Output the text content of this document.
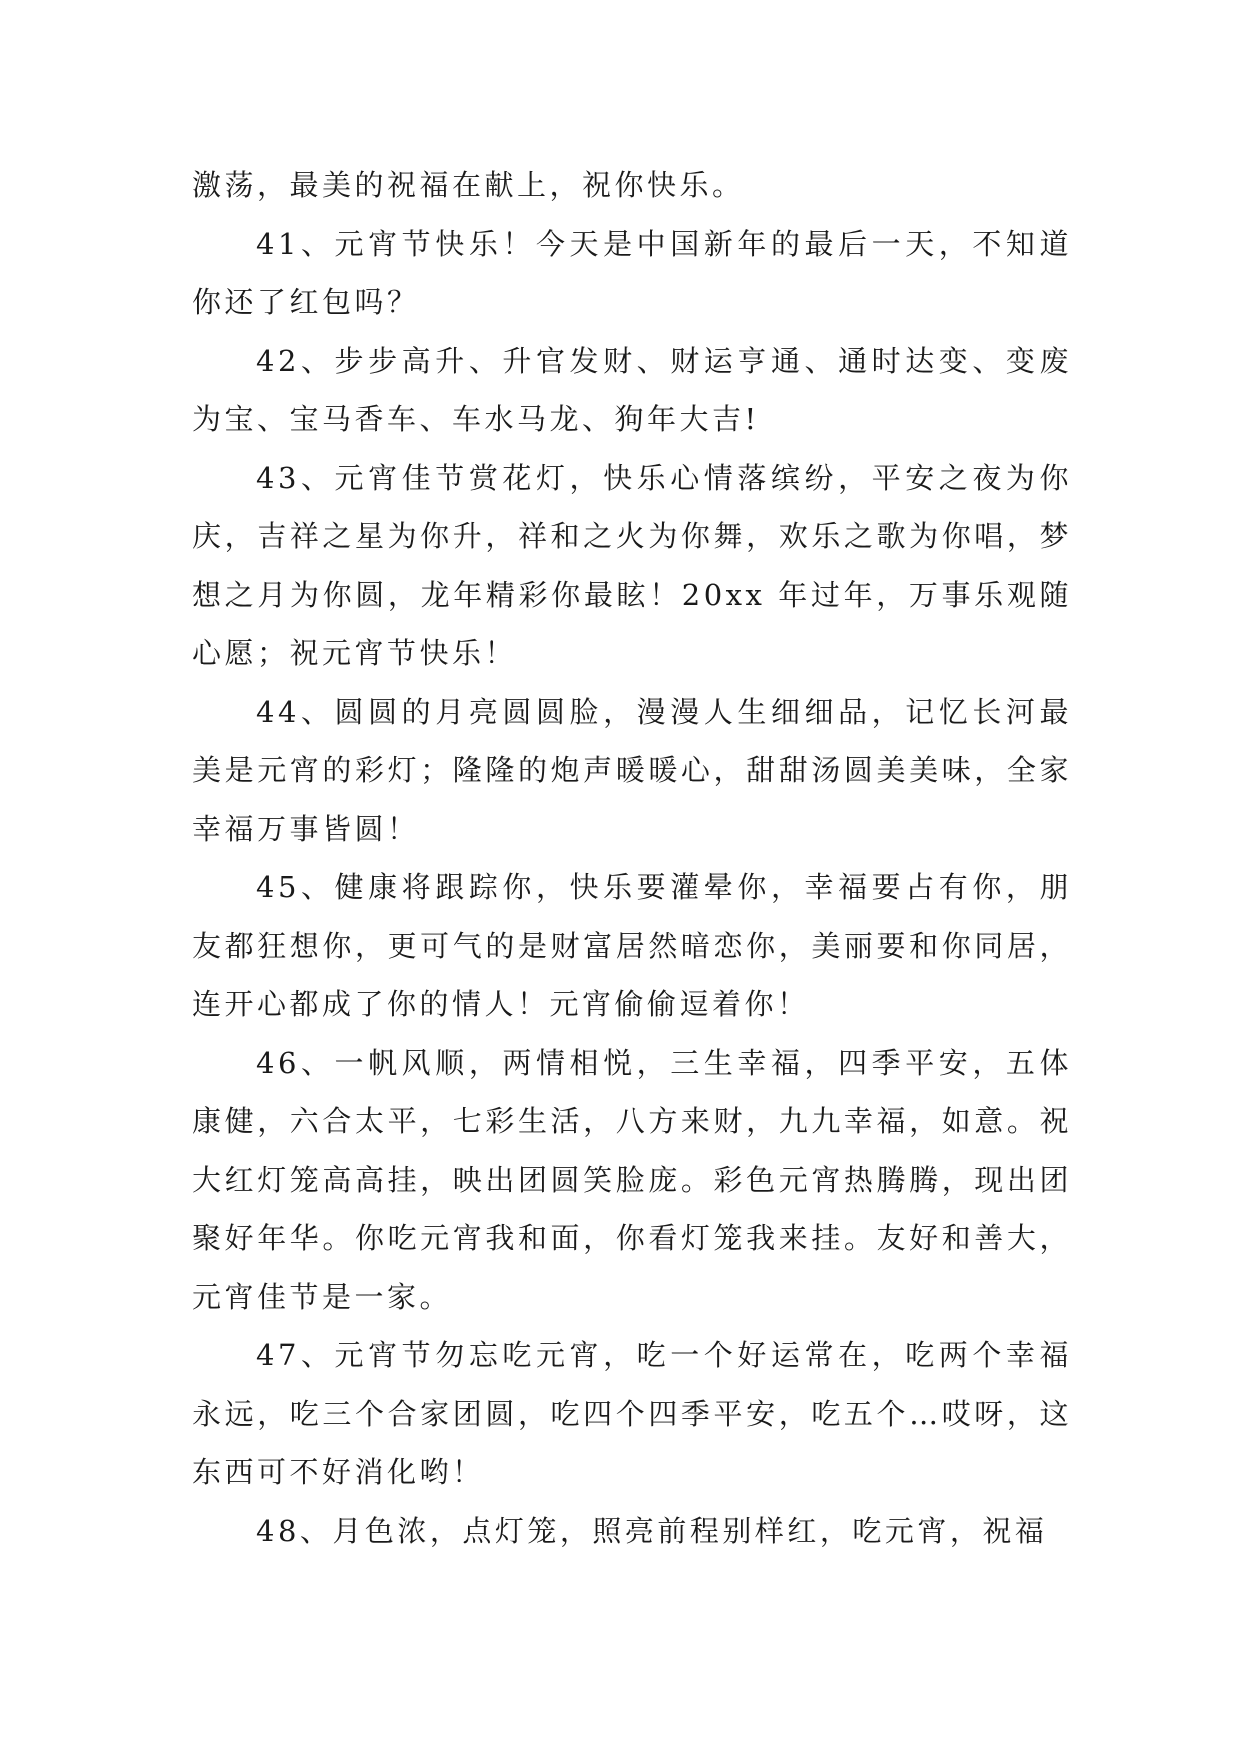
激荡，最美的祝福在献上，祝你快乐。

41、元宵节快乐！今天是中国新年的最后一天，不知道你还了红包吗？

42、步步高升、升官发财、财运亨通、通时达变、变废为宝、宝马香车、车水马龙、狗年大吉!

43、元宵佳节赏花灯，快乐心情落缤纷，平安之夜为你庆，吉祥之星为你升，祥和之火为你舞，欢乐之歌为你唱，梦想之月为你圆，龙年精彩你最眩！20xx 年过年，万事乐观随心愿；祝元宵节快乐！

44、圆圆的月亮圆圆脸，漫漫人生细细品，记忆长河最美是元宵的彩灯；隆隆的炮声暖暖心，甜甜汤圆美美味，全家幸福万事皆圆！

45、健康将跟踪你，快乐要灌晕你，幸福要占有你，朋友都狂想你，更可气的是财富居然暗恋你，美丽要和你同居，连开心都成了你的情人！元宵偷偷逗着你！

46、一帆风顺，两情相悦，三生幸福，四季平安，五体康健，六合太平，七彩生活，八方来财，九九幸福，如意。祝大红灯笼高高挂，映出团圆笑脸庞。彩色元宵热腾腾，现出团聚好年华。你吃元宵我和面，你看灯笼我来挂。友好和善大，元宵佳节是一家。

47、元宵节勿忘吃元宵，吃一个好运常在，吃两个幸福永远，吃三个合家团圆，吃四个四季平安，吃五个…哎呀，这东西可不好消化哟！

48、月色浓，点灯笼，照亮前程别样红，吃元宵，祝福
